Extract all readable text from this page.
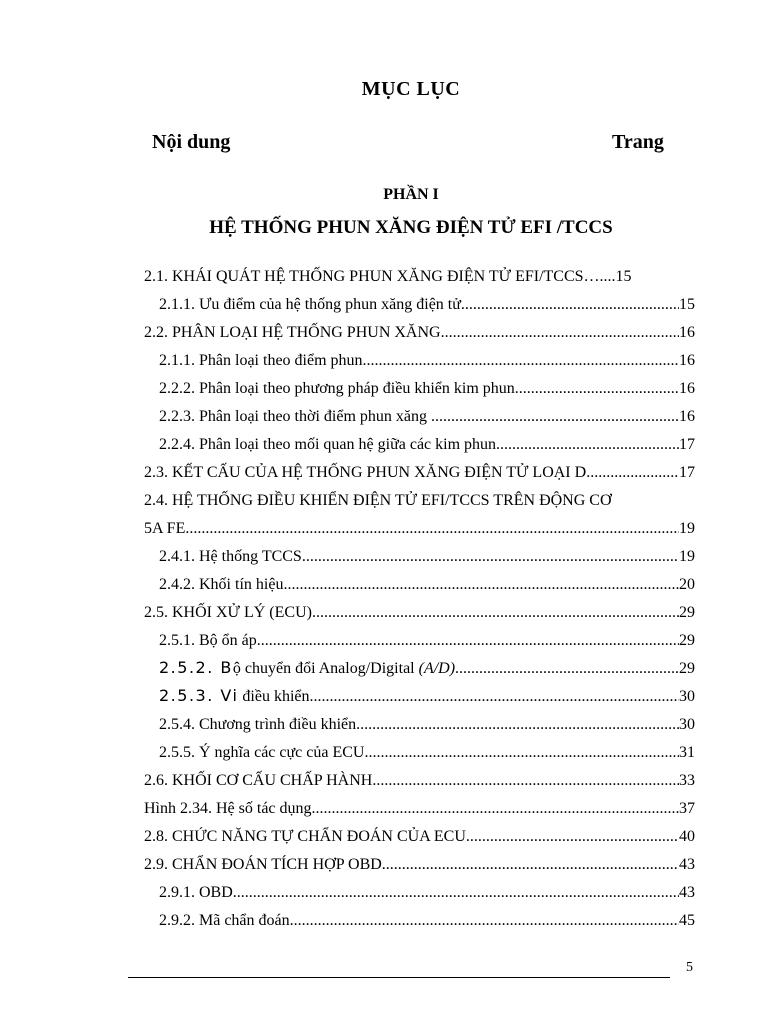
MỤC LỤC
Nội dung	Trang
PHẦN I
HỆ THỐNG PHUN XĂNG ĐIỆN TỬ EFI /TCCS
2.1. KHÁI QUÁT HỆ THỐNG PHUN XĂNG ĐIỆN TỬ EFI/TCCS ….... 15
2.1.1. Ưu điểm của hệ thống phun xăng điện tử .....	15
2.2. PHÂN LOẠI HỆ THỐNG PHUN XĂNG .....	16
2.1.1. Phân loại theo điểm phun .....	16
2.2.2. Phân loại theo phương pháp điều khiển kim phun .....	16
2.2.3. Phân loại theo thời điểm phun xăng .....	16
2.2.4. Phân loại theo mối quan hệ giữa các kim phun .....	17
2.3. KẾT CẤU CỦA HỆ THỐNG PHUN XĂNG ĐIỆN TỬ LOẠI D .....	17
2.4. HỆ THỐNG ĐIỀU KHIỂN ĐIỆN TỬ EFI/TCCS TRÊN ĐỘNG CƠ
5A FE .....	19
2.4.1. Hệ thống TCCS .....	19
2.4.2. Khối tín hiệu .....	20
2.5. KHỐI XỬ LÝ (ECU) .....	29
2.5.1. Bộ ổn áp .....	29
2.5.2. Bộ chuyển đổi Analog/Digital (A/D) .....	29
2.5.3. Vi điều khiển .....	30
2.5.4. Chương trình điều khiển .....	30
2.5.5. Ý nghĩa các cực của ECU .....	31
2.6. KHỐI CƠ CẤU CHẤP HÀNH .....	33
Hình 2.34. Hệ số tác dụng .....	37
2.8. CHỨC NĂNG TỰ CHẨN ĐOÁN CỦA ECU .....	40
2.9. CHẨN ĐOÁN TÍCH HỢP OBD .....	43
2.9.1. OBD .....	43
2.9.2. Mã chẩn đoán .....	45
5
